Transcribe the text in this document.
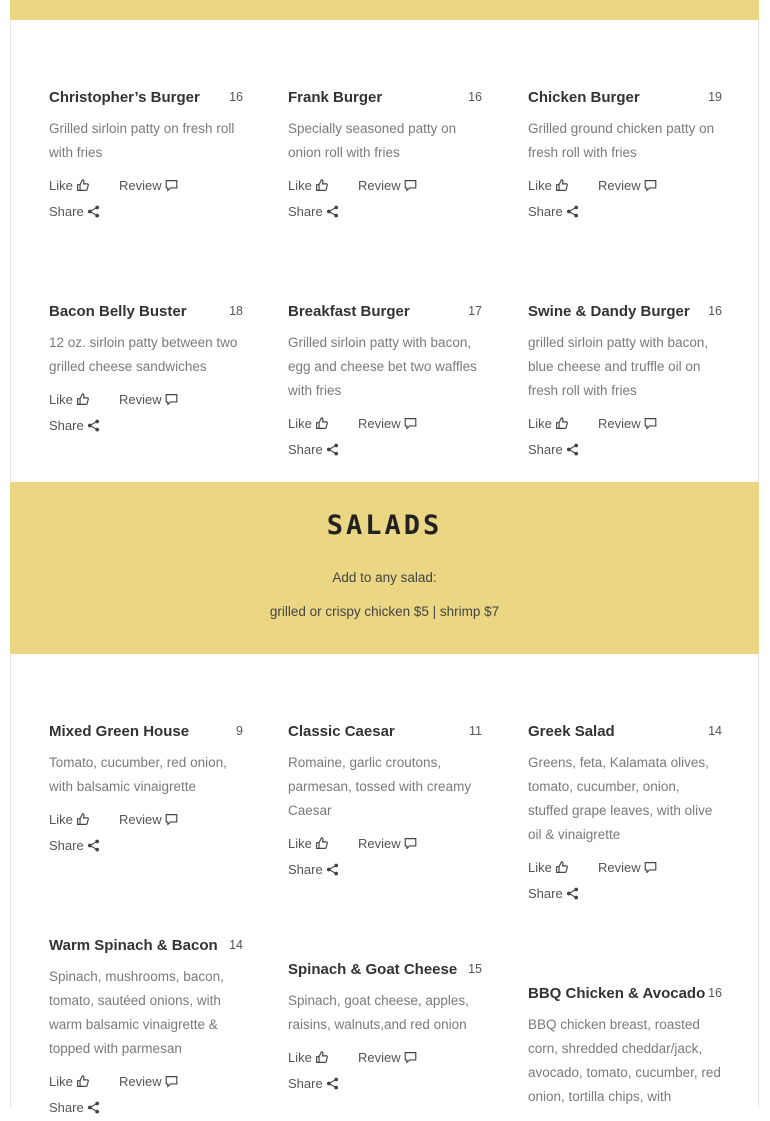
SALADS
Add to any salad:
grilled or crispy chicken $5 | shrimp $7
Christopher’s Burger 16
Grilled sirloin patty on fresh roll with fries
Like	Review
Share
Frank Burger	16
Specially seasoned patty on onion roll with fries
Like	Review
Share
Chicken Burger	19
Grilled ground chicken patty on fresh roll with fries
Like	Review
Share
Bacon Belly Buster	18
12 oz. sirloin patty between two grilled cheese sandwiches
Like	Review
Share
Breakfast Burger	17
Grilled sirloin patty with bacon, egg and cheese bet two waffles with fries
Like	Review
Share
Swine & Dandy Burger 16
grilled sirloin patty with bacon, blue cheese and truffle oil on fresh roll with fries
Like	Review
Share
Mixed Green House	9
Tomato, cucumber, red onion, with balsamic vinaigrette
Like	Review
Share
Classic Caesar	11
Romaine, garlic croutons, parmesan, tossed with creamy Caesar
Like	Review
Share
Greek Salad	14
Greens, feta, Kalamata olives, tomato, cucumber, onion, stuffed grape leaves, with olive oil & vinaigrette
Like	Review
Share
Warm Spinach & Bacon 14
Spinach, mushrooms, bacon, tomato, sautéed onions, with warm balsamic vinaigrette & topped with parmesan
Like	Review
Share
Spinach & Goat Cheese 15
Spinach, goat cheese, apples, raisins, walnuts,and red onion
Like	Review
Share
BBQ Chicken & Avocado 16
BBQ chicken breast, roasted corn, shredded cheddar/jack, avocado, tomato, cucumber, red onion, tortilla chips, with
